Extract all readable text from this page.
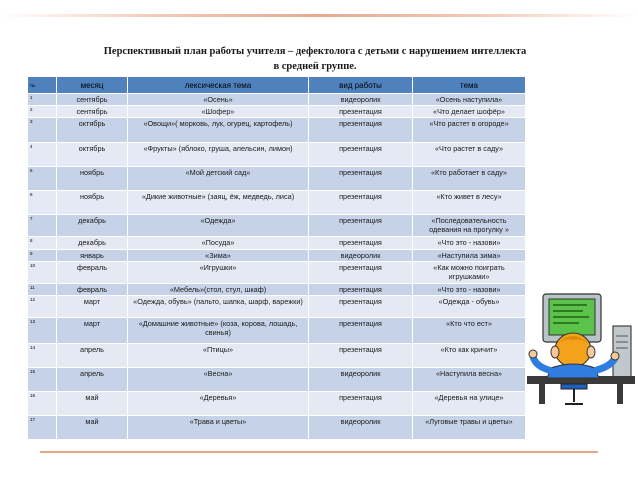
Перспективный план работы учителя – дефектолога с детьми с нарушением интеллекта
в средней группе.
№	месяц	лексическая тема	вид работы	тема
1	сентябрь	«Осень»	видеоролик	«Осень наступила»
2	сентябрь	«Шофер»	презентация	«Что делает шофёр»
3	октябрь	«Овощи»( морковь, лук, огурец, картофель)	презентация	«Что растет в огороде»
4	октябрь	«Фрукты» (яблоко, груша, апельсин, лимон)	презентация	«Что растет в саду»
5	ноябрь	«Мой детский сад»	презентация	«Кто работает в саду»
6	ноябрь	«Дикие животные» (заяц, ёж, медведь, лиса)	презентация	«Кто живет в лесу»
7	декабрь	«Одежда»	презентация	«Последовательность одевания на прогулку »
8	декабрь	«Посуда»	презентация	«Что это - назови»
9	январь	«Зима»	видеоролик	«Наступила зима»
10	февраль	«Игрушки»	презентация	«Как можно поиграть игрушками»
11	февраль	«Мебель»(стол, стул, шкаф)	презентация	«Что это - назови»
12	март	«Одежда, обувь» (пальто, шапка, шарф, варежки)	презентация	«Одежда - обувь»
13	март	«Домашние животные» (коза, корова, лошадь, свинья)	презентация	«Кто что ест»
14	апрель	«Птицы»	презентация	«Кто как кричит»
15	апрель	«Весна»	видеоролик	«Наступила весна»
16	май	«Деревья»	презентация	«Деревья на улице»
17	май	«Трава и цветы»	видеоролик	«Луговые травы и цветы»
